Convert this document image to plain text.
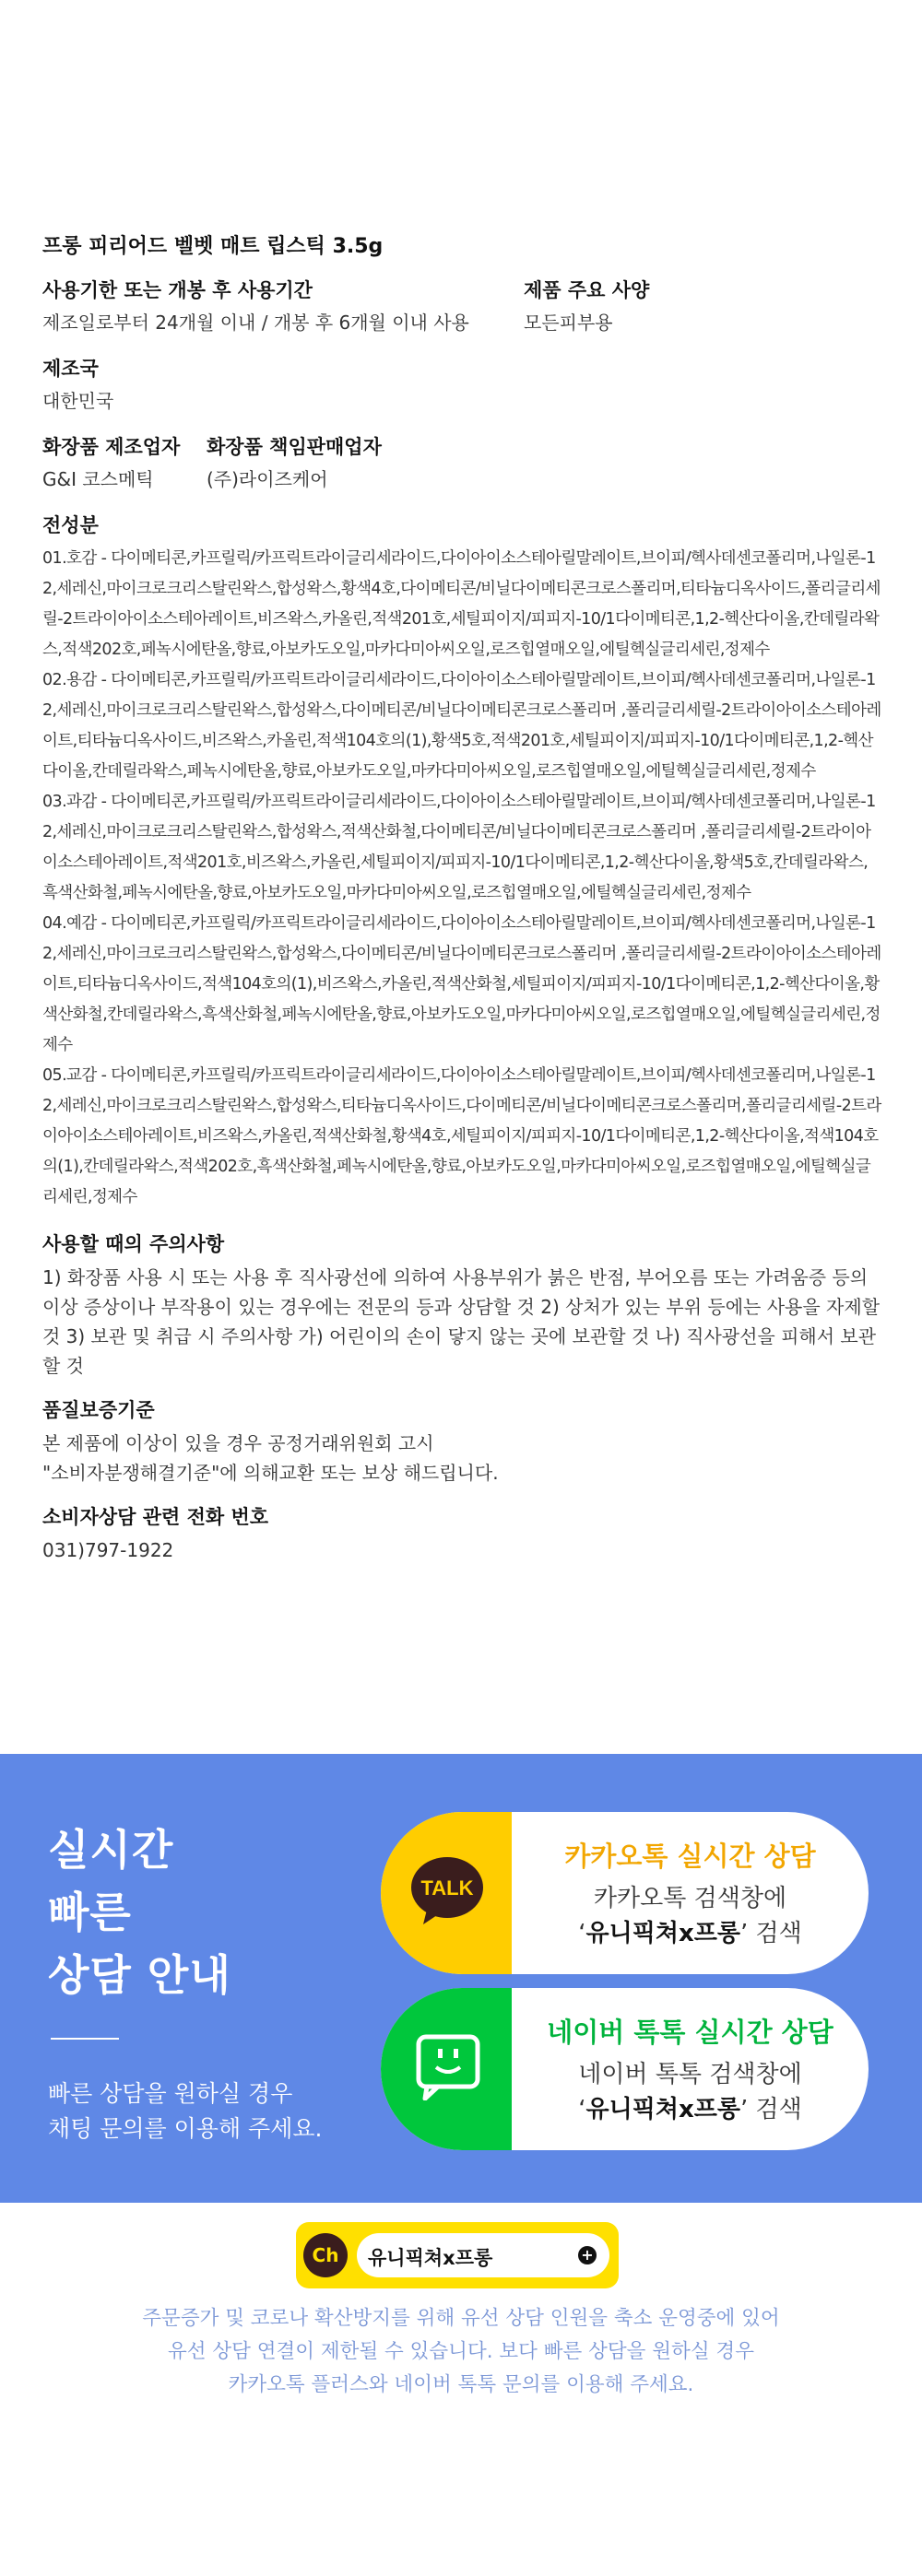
프롱 피리어드 벨벳 매트 립스틱 3.5g
사용기한 또는 개봉 후 사용기간
제조일로부터 24개월 이내 / 개봉 후 6개월 이내 사용
제품 주요 사양
모든피부용
제조국
대한민국
화장품 제조업자
G&I 코스메틱
화장품 책임판매업자
(주)라이즈케어
전성분

01.호감 - 다이메티콘,카프릴릭/카프릭트라이글리세라이드,다이아이소스테아릴말레이트,브이피/헥사데센코폴리머,나일론-12,세레신,마이크로크리스탈린왁스,합성왁스,황색4호,다이메티콘/비닐다이메티콘크로스폴리머,티타늄디옥사이드,폴리글리세릴-2트라이아이소스테아레이트,비즈왁스,카올린,적색201호,세틸피이지/피피지-10/1다이메티콘,1,2-헥산다이올,칸데릴라왁스,적색202호,페녹시에탄올,향료,아보카도오일,마카다미아씨오일,로즈힙열매오일,에틸헥실글리세린,정제수

02.용감 - 다이메티콘,카프릴릭/카프릭트라이글리세라이드,다이아이소스테아릴말레이트,브이피/헥사데센코폴리머,나일론-12,세레신,마이크로크리스탈린왁스,합성왁스,다이메티콘/비닐다이메티콘크로스폴리머 ,폴리글리세릴-2트라이아이소스테아레이트,티타늄디옥사이드,비즈왁스,카올린,적색104호의(1),황색5호,적색201호,세틸피이지/피피지-10/1다이메티콘,1,2-헥산다이올,칸데릴라왁스,페녹시에탄올,향료,아보카도오일,마카다미아씨오일,로즈힙열매오일,에틸헥실글리세린,정제수

03.과감 - 다이메티콘,카프릴릭/카프릭트라이글리세라이드,다이아이소스테아릴말레이트,브이피/헥사데센코폴리머,나일론-12,세레신,마이크로크리스탈린왁스,합성왁스,적색산화철,다이메티콘/비닐다이메티콘크로스폴리머 ,폴리글리세릴-2트라이아이소스테아레이트,적색201호,비즈왁스,카올린,세틸피이지/피피지-10/1다이메티콘,1,2-헥산다이올,황색5호,칸데릴라왁스,흑색산화철,페녹시에탄올,향료,아보카도오일,마카다미아씨오일,로즈힙열매오일,에틸헥실글리세린,정제수

04.예감 - 다이메티콘,카프릴릭/카프릭트라이글리세라이드,다이아이소스테아릴말레이트,브이피/헥사데센코폴리머,나일론-12,세레신,마이크로크리스탈린왁스,합성왁스,다이메티콘/비닐다이메티콘크로스폴리머 ,폴리글리세릴-2트라이아이소스테아레이트,티타늄디옥사이드,적색104호의(1),비즈왁스,카올린,적색산화철,세틸피이지/피피지-10/1다이메티콘,1,2-헥산다이올,황색산화철,칸데릴라왁스,흑색산화철,페녹시에탄올,향료,아보카도오일,마카다미아씨오일,로즈힙열매오일,에틸헥실글리세린,정제수

05.교감 - 다이메티콘,카프릴릭/카프릭트라이글리세라이드,다이아이소스테아릴말레이트,브이피/헥사데센코폴리머,나일론-12,세레신,마이크로크리스탈린왁스,합성왁스,티타늄디옥사이드,다이메티콘/비닐다이메티콘크로스폴리머,폴리글리세릴-2트라이아이소스테아레이트,비즈왁스,카올린,적색산화철,황색4호,세틸피이지/피피지-10/1다이메티콘,1,2-헥산다이올,적색104호의(1),칸데릴라왁스,적색202호,흑색산화철,페녹시에탄올,향료,아보카도오일,마카다미아씨오일,로즈힙열매오일,에틸헥실글리세린,정제수

사용할 때의 주의사항
1) 화장품 사용 시 또는 사용 후 직사광선에 의하여 사용부위가 붉은 반점, 부어오름 또는 가려움증 등의 이상 증상이나 부작용이 있는 경우에는 전문의 등과 상담할 것 2) 상처가 있는 부위 등에는 사용을 자제할 것 3) 보관 및 취급 시 주의사항 가) 어린이의 손이 닿지 않는 곳에 보관할 것 나) 직사광선을 피해서 보관할 것
품질보증기준
본 제품에 이상이 있을 경우 공정거래위원회 고시
"소비자분쟁해결기준"에 의해교환 또는 보상 해드립니다.
소비자상담 관련 전화 번호
031)797-1922
실시간
빠른
상담 안내
빠른 상담을 원하실 경우
채팅 문의를 이용해 주세요.
TALK
카카오톡 실시간 상담
카카오톡 검색창에
‘유니픽쳐x프롱’ 검색
네이버 톡톡 실시간 상담
네이버 톡톡 검색창에
‘유니픽쳐x프롱’ 검색
Ch	유니픽쳐x프롱	+
주문증가 및 코로나 확산방지를 위해 유선 상담 인원을 축소 운영중에 있어
유선 상담 연결이 제한될 수 있습니다. 보다 빠른 상담을 원하실 경우
카카오톡 플러스와 네이버 톡톡 문의를 이용해 주세요.
